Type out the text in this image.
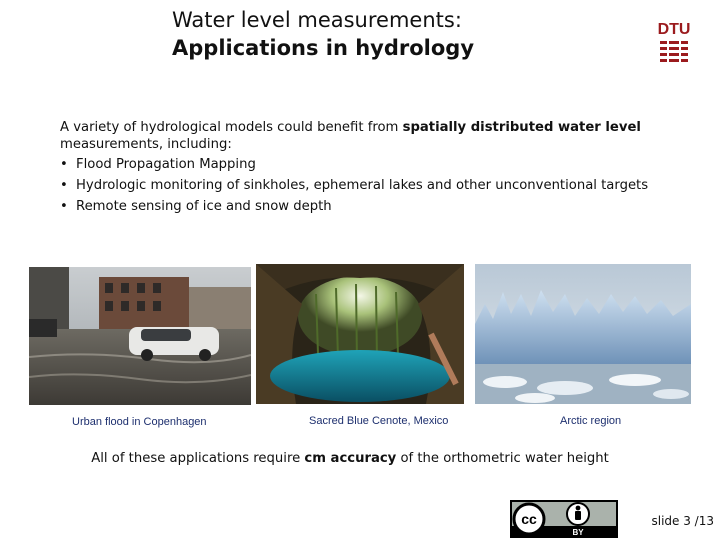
Water level measurements:
Applications in hydrology
DTU

A variety of hydrological models could benefit from spatially distributed water level measurements, including:

• Flood Propagation Mapping
• Hydrologic monitoring of sinkholes, ephemeral lakes and other unconventional targets
• Remote sensing of ice and snow depth
Urban flood in Copenhagen	Sacred Blue Cenote, Mexico	Arctic region
All of these applications require cm accuracy of the orthometric water height
cc
BY
slide 3 /13
